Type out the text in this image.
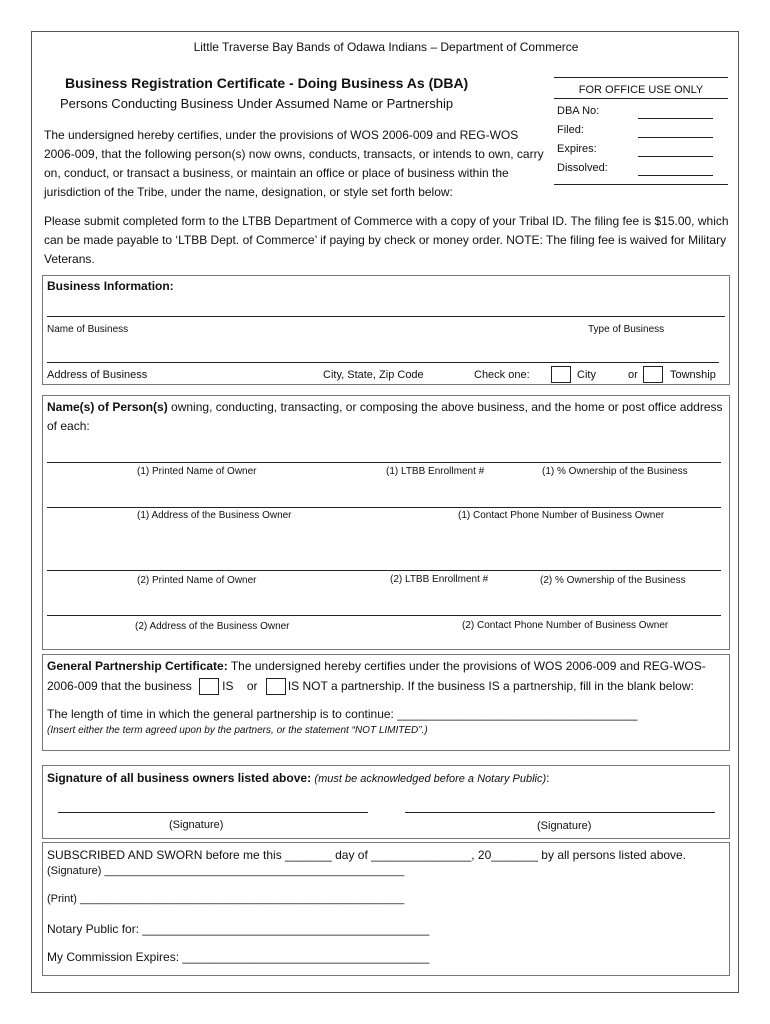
Little Traverse Bay Bands of Odawa Indians – Department of Commerce
Business Registration Certificate - Doing Business As (DBA)
Persons Conducting Business Under Assumed Name or Partnership
The undersigned hereby certifies, under the provisions of WOS 2006-009 and REG-WOS 2006-009, that the following person(s) now owns, conducts, transacts, or intends to own, carry on, conduct, or transact a business, or maintain an office or place of business within the jurisdiction of the Tribe, under the name, designation, or style set forth below:
FOR OFFICE USE ONLY
DBA No:
Filed:
Expires:
Dissolved:
Please submit completed form to the LTBB Department of Commerce with a copy of your Tribal ID. The filing fee is $15.00, which can be made payable to ‘LTBB Dept. of Commerce’ if paying by check or money order. NOTE: The filing fee is waived for Military Veterans.
Business Information:
Name of Business	Type of Business
Address of Business	City, State, Zip Code	Check one:	City	or	Township
Name(s) of Person(s) owning, conducting, transacting, or composing the above business, and the home or post office address of each:
(1) Printed Name of Owner	(1) LTBB Enrollment #	(1) % Ownership of the Business
(1) Address of the Business Owner	(1) Contact Phone Number of Business Owner
(2) Printed Name of Owner	(2) LTBB Enrollment #	(2) % Ownership of the Business
(2) Address of the Business Owner	(2) Contact Phone Number of Business Owner
General Partnership Certificate: The undersigned hereby certifies under the provisions of WOS 2006-009 and REG-WOS-
2006-009 that the business	IS or	IS NOT a partnership. If the business IS a partnership, fill in the blank below:
The length of time in which the general partnership is to continue: ____________________________________
(Insert either the term agreed upon by the partners, or the statement “NOT LIMITED”.)
Signature of all business owners listed above: (must be acknowledged before a Notary Public):
(Signature)	(Signature)
SUBSCRIBED AND SWORN before me this _______ day of _______________, 20_______ by all persons listed above.
(Signature) _________________________________________________
(Print) _____________________________________________________
Notary Public for: ___________________________________________
My Commission Expires: _____________________________________
